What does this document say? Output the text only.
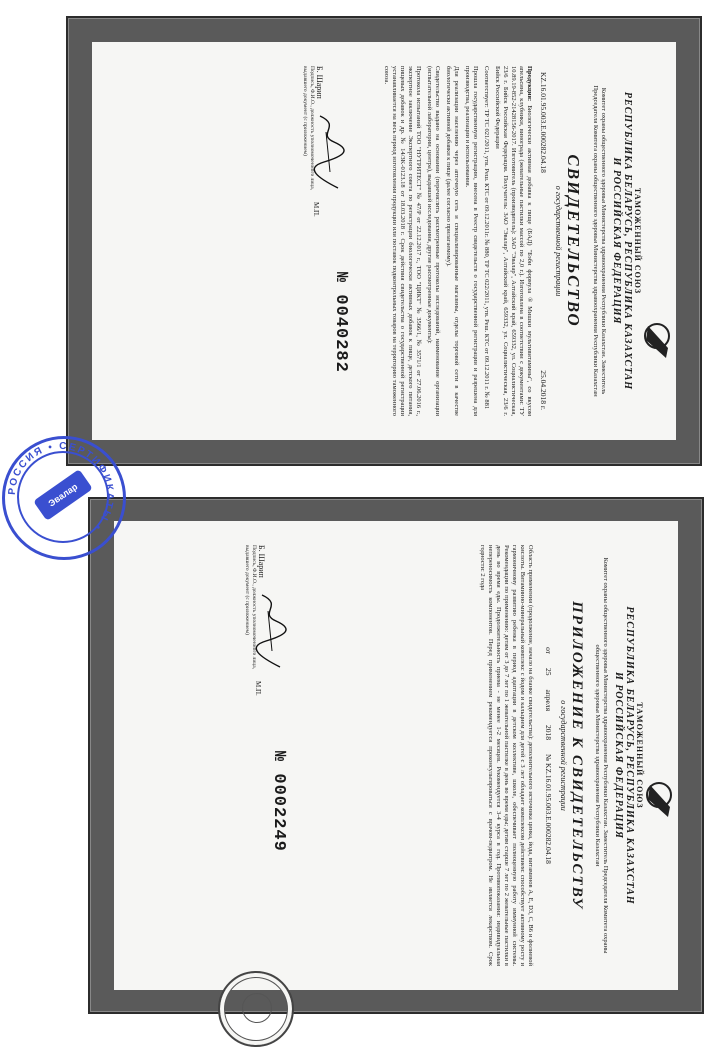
ТАМОЖЕННЫЙ СОЮЗ
РЕСПУБЛИКА БЕЛАРУСЬ, РЕСПУБЛИКА КАЗАХСТАН
И РОССИЙСКАЯ ФЕДЕРАЦИЯ
Комитет охраны общественного здоровья Министерства здравоохранения Республики Казахстан. Заместитель Председателя Комитета охраны общественного здоровья Министерства здравоохранения Республики Казахстан
СВИДЕТЕЛЬСТВО
о государственной регистрации
KZ.16.01.95.003.E.000282.04.18
25.04.2018 г.

Продукция: Биологически активная добавка к пище (БАД) "Бэби формула ® Мишки мультивитамины", со вкусом апельсина, клубники, винограда (жевательные пастилки массой по 2,0 г.). Изготовлена в соответствии с документами: ТУ 10.89.19-852-21428156-2017. Изготовитель (производитель): ЗАО "Эвалар", Алтайский край, 659332, ул. Социалистическая, 23/6 г. Бийск Российская Федерация. Получатель: ЗАО "Эвалар", Алтайский край, 659332, ул. Социалистическая, 23/6 г. Бийск Российской Федерации

Соответствует: ТР ТС 021/2011, утв. Реш. КТС от 09.12.2011г. № 880, ТР ТС 022/2011, утв. Реш. КТС от 09.12.2011 г. № 881

Прошла государственную регистрацию, внесена в Реестр свидетельств о государственной регистрации и разрешена для производства, реализации и использования.

Для реализации населению через аптечную сеть и специализированные магазины, отделы торговой сети в качестве биологически активной добавки к пище (далее согласно прилагаемому).

Свидетельство выдано на основании (перечислить рассмотренные протоколы исследований, наименование организации (испытательной лаборатории, центра), выдавшей исследования, другие рассмотренные документы):

Протокола испытаний ТОО "НУТРИТЕСТ" № 47/Р от 22.12.2017 г., ТОО "ЦИКТ" № 3566/1, № 3571/1 от 27.06.2016 г., экспертное заключение Экспертного совета по регистрации биологически активных добавок к пище, детского питания, пищевых добавок и др. № 14/3K-0123.18 от 18.03.2018 г. Срок действия свидетельства о государственной регистрации устанавливается на весь период изготовления продукции или поставок подконтрольных товаров на территорию таможенного союза.

Б. Шарип
Подпись, Ф.И.О., должность уполномоченного лица, выдавшего документ (с приложением)
М.П.
№ 0040282
ТАМОЖЕННЫЙ СОЮЗ
РЕСПУБЛИКА БЕЛАРУСЬ, РЕСПУБЛИКА КАЗАХСТАН
И РОССИЙСКАЯ ФЕДЕРАЦИЯ
Комитет охраны общественного здоровья Министерства здравоохранения Республики Казахстан. Заместитель Председателя Комитета охраны общественного здоровья Министерства здравоохранения Республики Казахстан
ПРИЛОЖЕНИЕ К СВИДЕТЕЛЬСТВУ
о государственной регистрации
от
25
апреля
2018
№ KZ.16.01.95.003.E.000282.04.18

Область применения (продолжение, начало на бланке свидетельства): дополнительного источника цинка, йода, витаминов А, Е, D3, С, B6 и фолиевой кислоты. Витаминно-минеральный комплекс с йодом и кальцием для детей с 3 лет обладает комплексом действием: способствует активному росту и гармоничному развитию ребенка в период адаптации в детском коллективе, школе, обеспечивает полноценную работу иммунной системы. Рекомендации по применению: детям от 3 до 7 лет по 1 жевательной пастилке в день во время еды; детям старше 7 лет по 2 жевательные пастилки в день во время еды. Продолжительность приема - не менее 1-2 месяцев. Рекомендуется 3-4 курса в год. Противопоказания: индивидуальная непереносимость компонентов. Перед применением рекомендуется проконсультироваться с врачом-педиатром. Не является лекарством. Срок годности: 2 года

Б. Шарип
Подпись, Ф.И.О., должность уполномоченного лица, выдавшего документ (с приложением)
М.П.
№ 0002249
Эвалар
РОССИЯ • СЕРТИФИКАТЫ •
